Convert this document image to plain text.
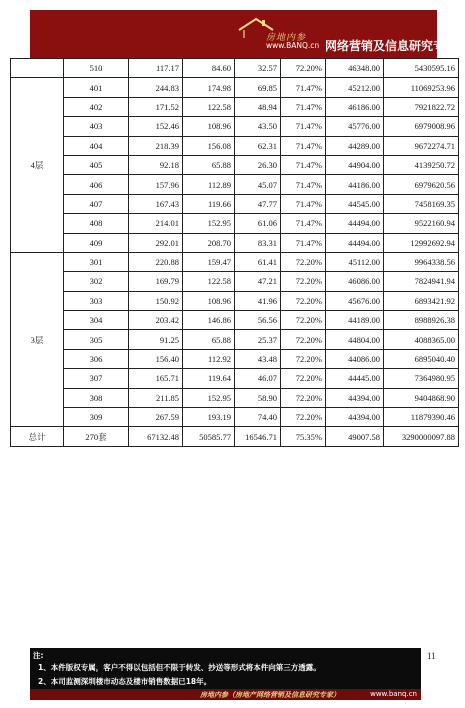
房地内参
www.BANQ.cn 网络营销及信息研究专家
	510	117.17	84.60	32.57	72.20%	46348.00	5430595.16
4层	401	244.83	174.98	69.85	71.47%	45212.00	11069253.96
	402	171.52	122.58	48.94	71.47%	46186.00	7921822.72
	403	152.46	108.96	43.50	71.47%	45776.00	6979008.96
	404	218.39	156.08	62.31	71.47%	44289.00	9672274.71
	405	92.18	65.88	26.30	71.47%	44904.00	4139250.72
	406	157.96	112.89	45.07	71.47%	44186.00	6979620.56
	407	167.43	119.66	47.77	71.47%	44545.00	7458169.35
	408	214.01	152.95	61.06	71.47%	44494.00	9522160.94
	409	292.01	208.70	83.31	71.47%	44494.00	12992692.94
3层	301	220.88	159.47	61.41	72.20%	45112.00	9964338.56
	302	169.79	122.58	47.21	72.20%	46086.00	7824941.94
	303	150.92	108.96	41.96	72.20%	45676.00	6893421.92
	304	203.42	146.86	56.56	72.20%	44189.00	8988926.38
	305	91.25	65.88	25.37	72.20%	44804.00	4088365.00
	306	156.40	112.92	43.48	72.20%	44086.00	6895040.40
	307	165.71	119.64	46.07	72.20%	44445.00	7364980.95
	308	211.85	152.95	58.90	72.20%	44394.00	9404868.90
	309	267.59	193.19	74.40	72.20%	44394.00	11879390.46
总计	270套	67132.48	50585.77	16546.71	75.35%	49007.58	3290000097.88
注:
1、本件版权专属，客户不得以包括但不限于转发、抄送等形式将本件向第三方透露。
2、本司监测深圳楼市动态及楼市销售数据已18年。
房地内参（房地产网络营销及信息研究专家）	www.banq.cn
11
